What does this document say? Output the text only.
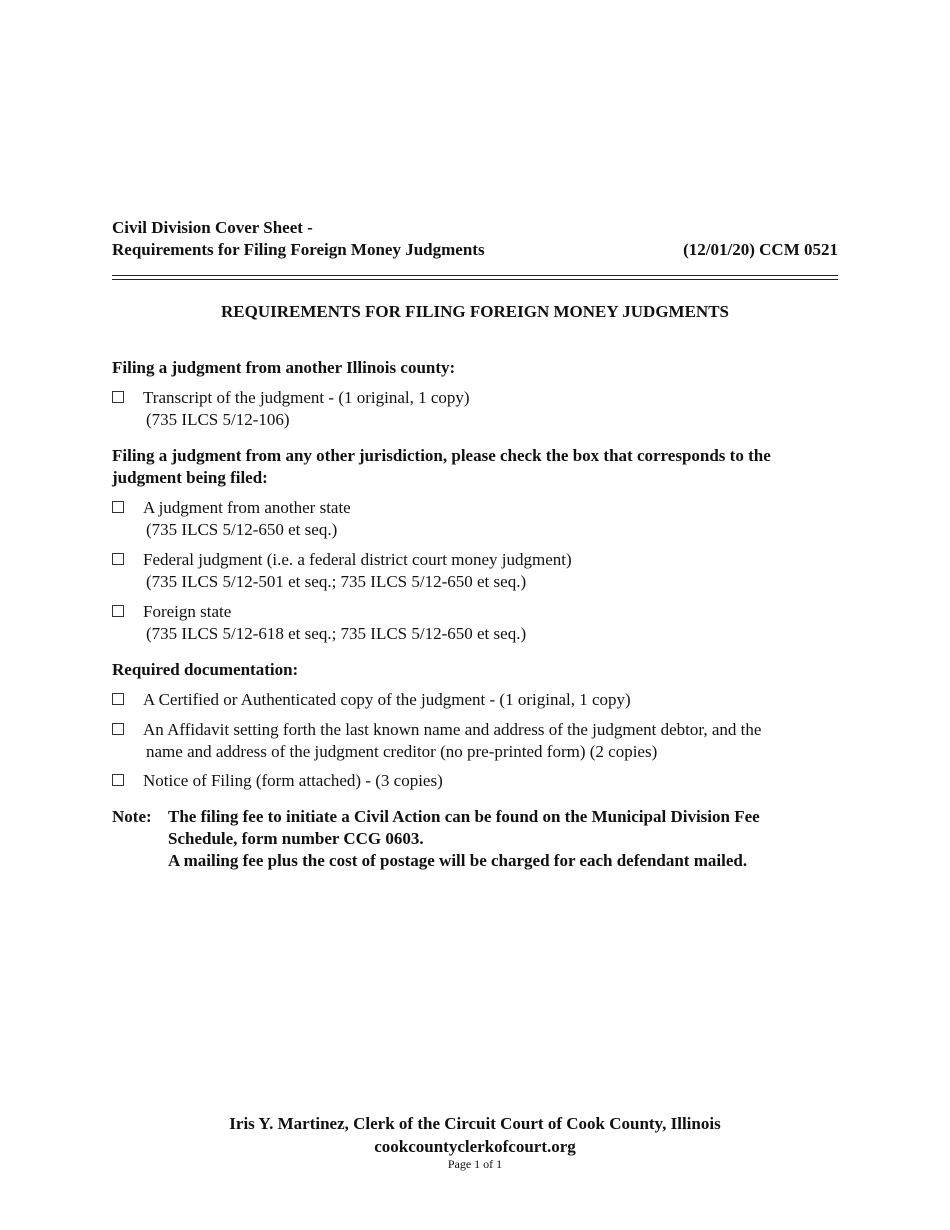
Civil Division Cover Sheet -
Requirements for Filing Foreign Money Judgments	(12/01/20) CCM 0521
REQUIREMENTS FOR FILING FOREIGN MONEY JUDGMENTS
Filing a judgment from another Illinois county:
Transcript of the judgment - (1 original, 1 copy)
(735 ILCS 5/12-106)
Filing a judgment from any other jurisdiction, please check the box that corresponds to the
judgment being filed:
A judgment from another state
(735 ILCS 5/12-650 et seq.)
Federal judgment (i.e. a federal district court money judgment)
(735 ILCS 5/12-501 et seq.; 735 ILCS 5/12-650 et seq.)
Foreign state
(735 ILCS 5/12-618 et seq.; 735 ILCS 5/12-650 et seq.)
Required documentation:
A Certified or Authenticated copy of the judgment - (1 original, 1 copy)
An Affidavit setting forth the last known name and address of the judgment debtor, and the
name and address of the judgment creditor (no pre-printed form) (2 copies)
Notice of Filing (form attached) - (3 copies)
Note: The filing fee to initiate a Civil Action can be found on the Municipal Division Fee
Schedule, form number CCG 0603.
A mailing fee plus the cost of postage will be charged for each defendant mailed.
Iris Y. Martinez, Clerk of the Circuit Court of Cook County, Illinois
cookcountyclerkofcourt.org
Page 1 of 1
